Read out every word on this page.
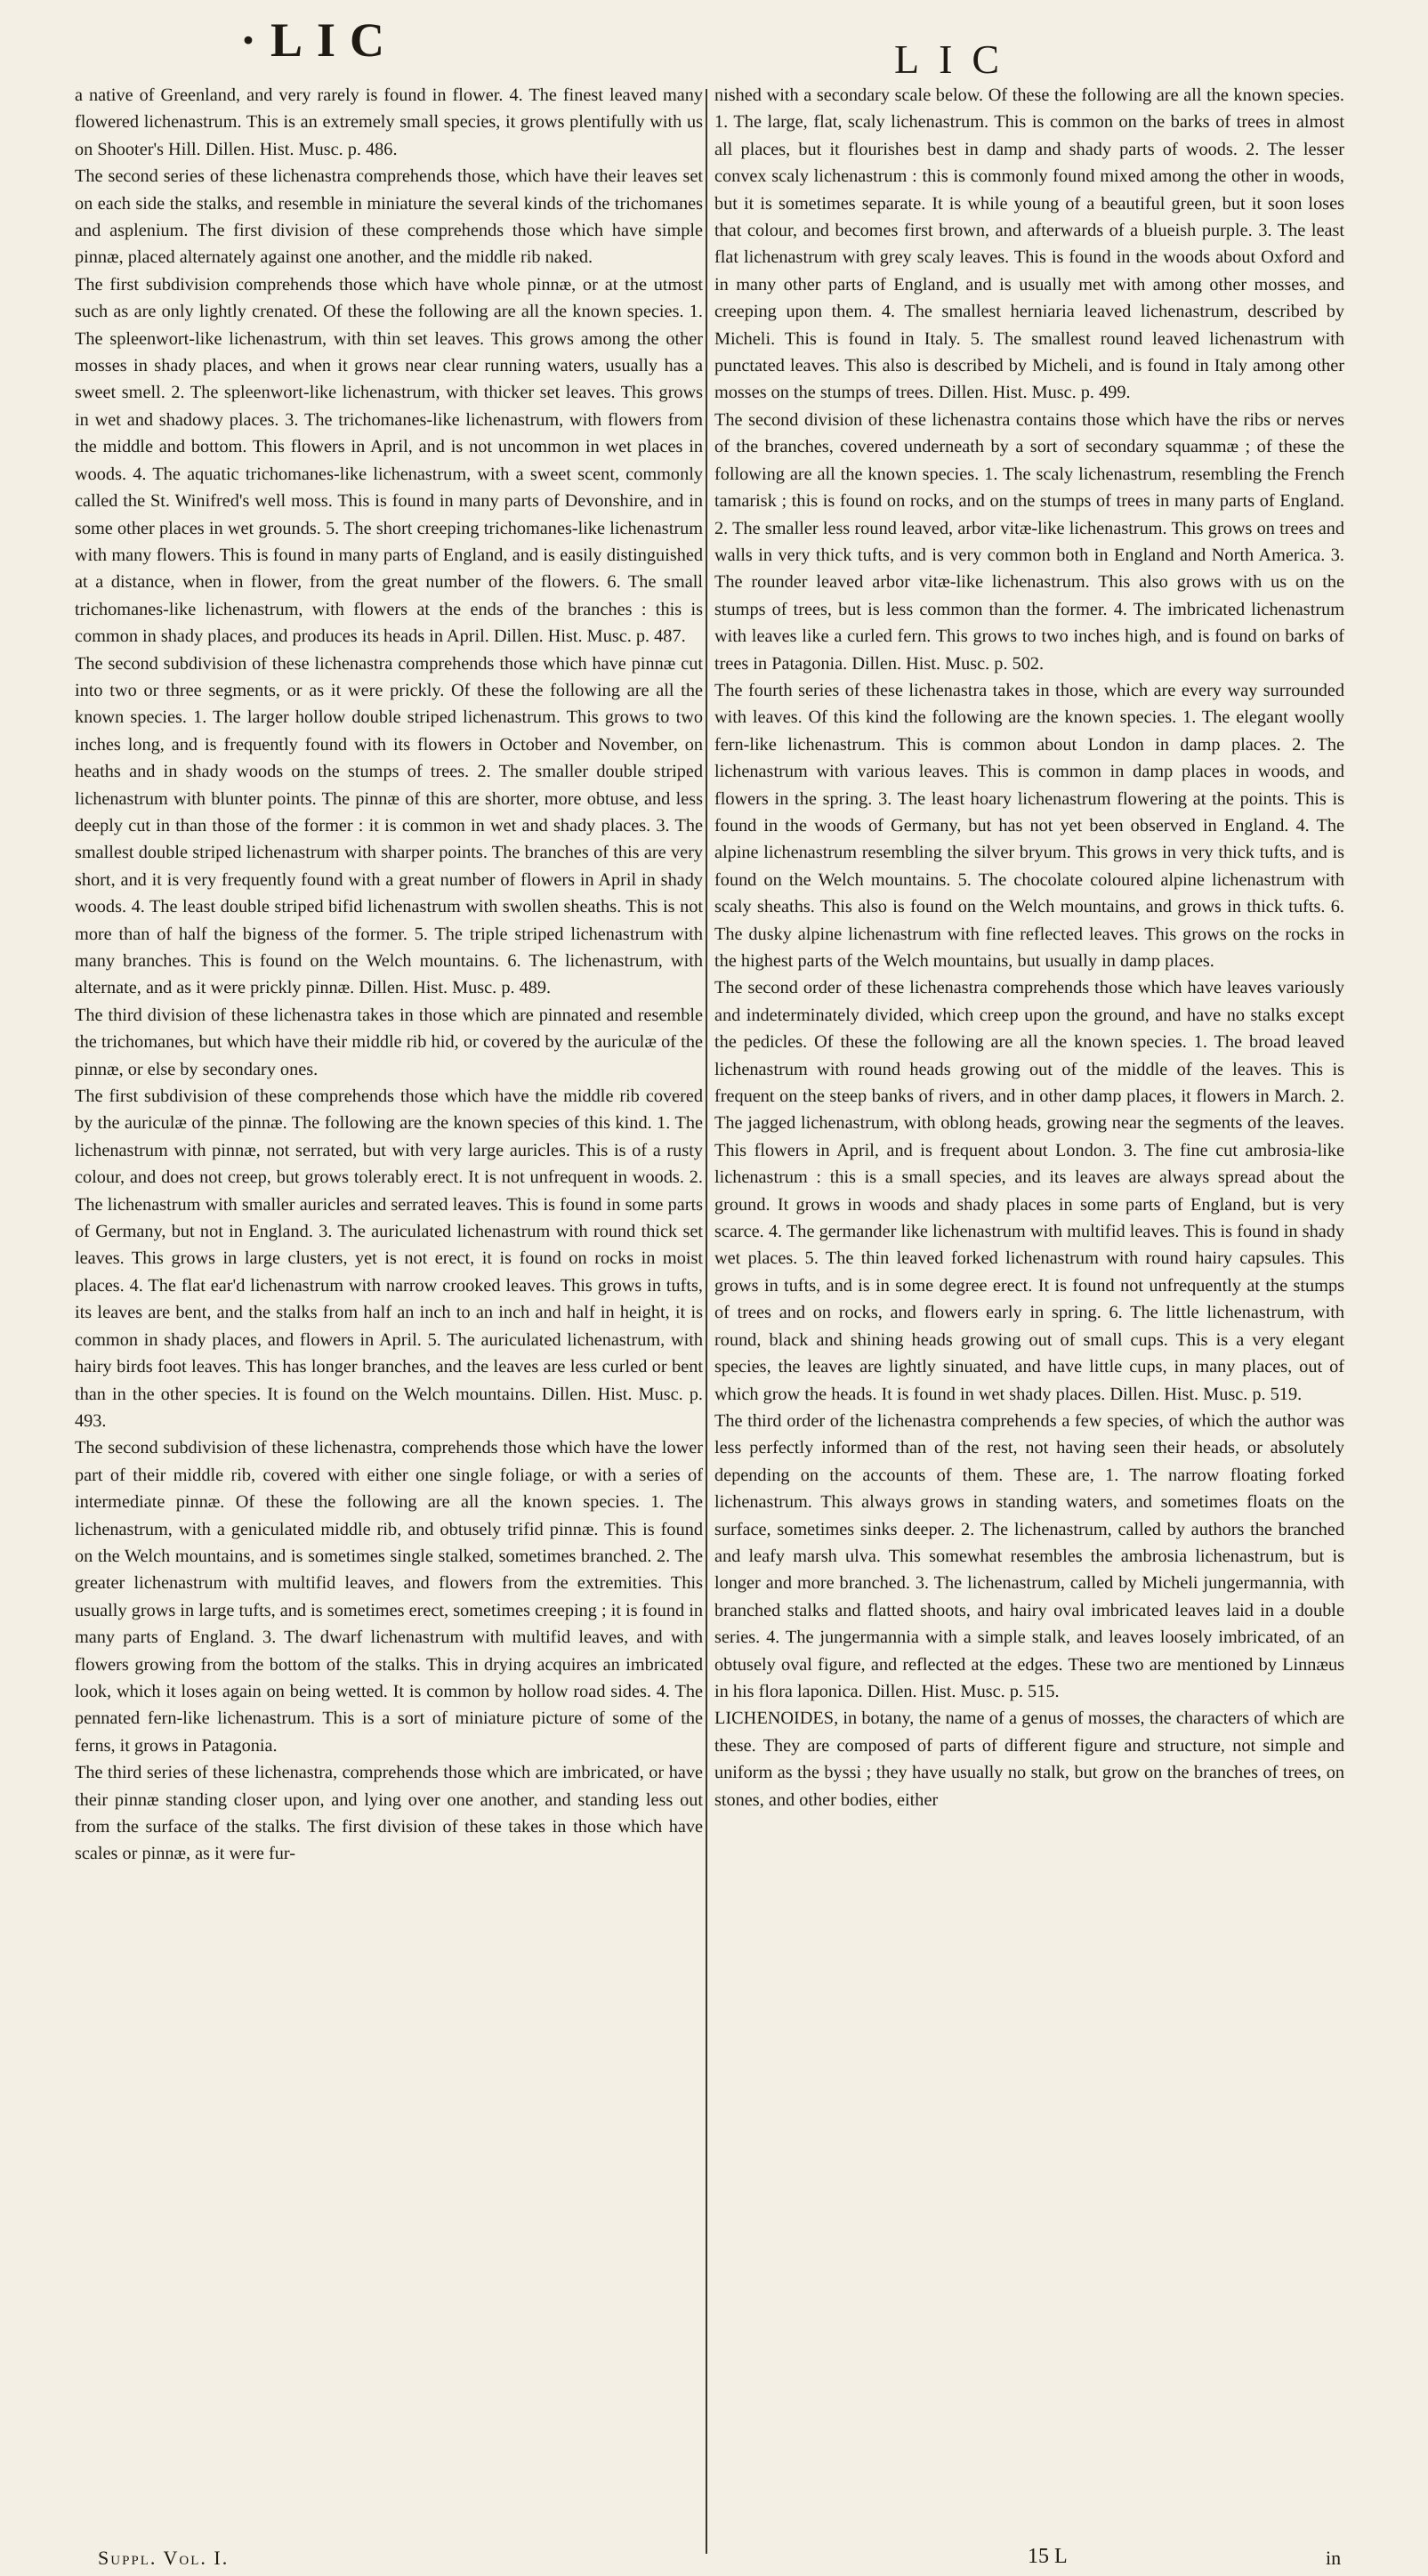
·LIC	LIC

a native of Greenland, and very rarely is found in flower. 4. The finest leaved many flowered lichenastrum. This is an extremely small species, it grows plentifully with us on Shooter's Hill. Dillen. Hist. Musc. p. 486.

The second series of these lichenastra comprehends those, which have their leaves set on each side the stalks, and resemble in miniature the several kinds of the trichomanes and asplenium. The first division of these comprehends those which have simple pinnæ, placed alternately against one another, and the middle rib naked.

The first subdivision comprehends those which have whole pinnæ, or at the utmost such as are only lightly crenated. Of these the following are all the known species. 1. The spleenwort-like lichenastrum, with thin set leaves. This grows among the other mosses in shady places, and when it grows near clear running waters, usually has a sweet smell. 2. The spleenwort-like lichenastrum, with thicker set leaves. This grows in wet and shadowy places. 3. The trichomanes-like lichenastrum, with flowers from the middle and bottom. This flowers in April, and is not uncommon in wet places in woods. 4. The aquatic trichomanes-like lichenastrum, with a sweet scent, commonly called the St. Winifred's well moss. This is found in many parts of Devonshire, and in some other places in wet grounds. 5. The short creeping trichomanes-like lichenastrum with many flowers. This is found in many parts of England, and is easily distinguished at a distance, when in flower, from the great number of the flowers. 6. The small trichomanes-like lichenastrum, with flowers at the ends of the branches : this is common in shady places, and produces its heads in April. Dillen. Hist. Musc. p. 487.

The second subdivision of these lichenastra comprehends those which have pinnæ cut into two or three segments, or as it were prickly. Of these the following are all the known species. 1. The larger hollow double striped lichenastrum. This grows to two inches long, and is frequently found with its flowers in October and November, on heaths and in shady woods on the stumps of trees. 2. The smaller double striped lichenastrum with blunter points. The pinnæ of this are shorter, more obtuse, and less deeply cut in than those of the former : it is common in wet and shady places. 3. The smallest double striped lichenastrum with sharper points. The branches of this are very short, and it is very frequently found with a great number of flowers in April in shady woods. 4. The least double striped bifid lichenastrum with swollen sheaths. This is not more than of half the bigness of the former. 5. The triple striped lichenastrum with many branches. This is found on the Welch mountains. 6. The lichenastrum, with alternate, and as it were prickly pinnæ. Dillen. Hist. Musc. p. 489.

The third division of these lichenastra takes in those which are pinnated and resemble the trichomanes, but which have their middle rib hid, or covered by the auriculæ of the pinnæ, or else by secondary ones.

The first subdivision of these comprehends those which have the middle rib covered by the auriculæ of the pinnæ. The following are the known species of this kind. 1. The lichenastrum with pinnæ, not serrated, but with very large auricles. This is of a rusty colour, and does not creep, but grows tolerably erect. It is not unfrequent in woods. 2. The lichenastrum with smaller auricles and serrated leaves. This is found in some parts of Germany, but not in England. 3. The auriculated lichenastrum with round thick set leaves. This grows in large clusters, yet is not erect, it is found on rocks in moist places. 4. The flat ear'd lichenastrum with narrow crooked leaves. This grows in tufts, its leaves are bent, and the stalks from half an inch to an inch and half in height, it is common in shady places, and flowers in April. 5. The auriculated lichenastrum, with hairy birds foot leaves. This has longer branches, and the leaves are less curled or bent than in the other species. It is found on the Welch mountains. Dillen. Hist. Musc. p. 493.

The second subdivision of these lichenastra, comprehends those which have the lower part of their middle rib, covered with either one single foliage, or with a series of intermediate pinnæ. Of these the following are all the known species. 1. The lichenastrum, with a geniculated middle rib, and obtusely trifid pinnæ. This is found on the Welch mountains, and is sometimes single stalked, sometimes branched. 2. The greater lichenastrum with multifid leaves, and flowers from the extremities. This usually grows in large tufts, and is sometimes erect, sometimes creeping ; it is found in many parts of England. 3. The dwarf lichenastrum with multifid leaves, and with flowers growing from the bottom of the stalks. This in drying acquires an imbricated look, which it loses again on being wetted. It is common by hollow road sides. 4. The pennated fern-like lichenastrum. This is a sort of miniature picture of some of the ferns, it grows in Patagonia.

The third series of these lichenastra, comprehends those which are imbricated, or have their pinnæ standing closer upon, and lying over one another, and standing less out from the surface of the stalks. The first division of these takes in those which have scales or pinnæ, as it were fur-

nished with a secondary scale below. Of these the following are all the known species. 1. The large, flat, scaly lichenastrum. This is common on the barks of trees in almost all places, but it flourishes best in damp and shady parts of woods. 2. The lesser convex scaly lichenastrum : this is commonly found mixed among the other in woods, but it is sometimes separate. It is while young of a beautiful green, but it soon loses that colour, and becomes first brown, and afterwards of a blueish purple. 3. The least flat lichenastrum with grey scaly leaves. This is found in the woods about Oxford and in many other parts of England, and is usually met with among other mosses, and creeping upon them. 4. The smallest herniaria leaved lichenastrum, described by Micheli. This is found in Italy. 5. The smallest round leaved lichenastrum with punctated leaves. This also is described by Micheli, and is found in Italy among other mosses on the stumps of trees. Dillen. Hist. Musc. p. 499.

The second division of these lichenastra contains those which have the ribs or nerves of the branches, covered underneath by a sort of secondary squammæ ; of these the following are all the known species. 1. The scaly lichenastrum, resembling the French tamarisk ; this is found on rocks, and on the stumps of trees in many parts of England. 2. The smaller less round leaved, arbor vitæ-like lichenastrum. This grows on trees and walls in very thick tufts, and is very common both in England and North America. 3. The rounder leaved arbor vitæ-like lichenastrum. This also grows with us on the stumps of trees, but is less common than the former. 4. The imbricated lichenastrum with leaves like a curled fern. This grows to two inches high, and is found on barks of trees in Patagonia. Dillen. Hist. Musc. p. 502.

The fourth series of these lichenastra takes in those, which are every way surrounded with leaves. Of this kind the following are the known species. 1. The elegant woolly fern-like lichenastrum. This is common about London in damp places. 2. The lichenastrum with various leaves. This is common in damp places in woods, and flowers in the spring. 3. The least hoary lichenastrum flowering at the points. This is found in the woods of Germany, but has not yet been observed in England. 4. The alpine lichenastrum resembling the silver bryum. This grows in very thick tufts, and is found on the Welch mountains. 5. The chocolate coloured alpine lichenastrum with scaly sheaths. This also is found on the Welch mountains, and grows in thick tufts. 6. The dusky alpine lichenastrum with fine reflected leaves. This grows on the rocks in the highest parts of the Welch mountains, but usually in damp places.

The second order of these lichenastra comprehends those which have leaves variously and indeterminately divided, which creep upon the ground, and have no stalks except the pedicles. Of these the following are all the known species. 1. The broad leaved lichenastrum with round heads growing out of the middle of the leaves. This is frequent on the steep banks of rivers, and in other damp places, it flowers in March. 2. The jagged lichenastrum, with oblong heads, growing near the segments of the leaves. This flowers in April, and is frequent about London. 3. The fine cut ambrosia-like lichenastrum : this is a small species, and its leaves are always spread about the ground. It grows in woods and shady places in some parts of England, but is very scarce. 4. The germander like lichenastrum with multifid leaves. This is found in shady wet places. 5. The thin leaved forked lichenastrum with round hairy capsules. This grows in tufts, and is in some degree erect. It is found not unfrequently at the stumps of trees and on rocks, and flowers early in spring. 6. The little lichenastrum, with round, black and shining heads growing out of small cups. This is a very elegant species, the leaves are lightly sinuated, and have little cups, in many places, out of which grow the heads. It is found in wet shady places. Dillen. Hist. Musc. p. 519.

The third order of the lichenastra comprehends a few species, of which the author was less perfectly informed than of the rest, not having seen their heads, or absolutely depending on the accounts of them. These are, 1. The narrow floating forked lichenastrum. This always grows in standing waters, and sometimes floats on the surface, sometimes sinks deeper. 2. The lichenastrum, called by authors the branched and leafy marsh ulva. This somewhat resembles the ambrosia lichenastrum, but is longer and more branched. 3. The lichenastrum, called by Micheli jungermannia, with branched stalks and flatted shoots, and hairy oval imbricated leaves laid in a double series. 4. The jungermannia with a simple stalk, and leaves loosely imbricated, of an obtusely oval figure, and reflected at the edges. These two are mentioned by Linnæus in his flora laponica. Dillen. Hist. Musc. p. 515.

LICHENOIDES, in botany, the name of a genus of mosses, the characters of which are these. They are composed of parts of different figure and structure, not simple and uniform as the byssi ; they have usually no stalk, but grow on the branches of trees, on stones, and other bodies, either

Suppl. Vol. I.	15 L	in
